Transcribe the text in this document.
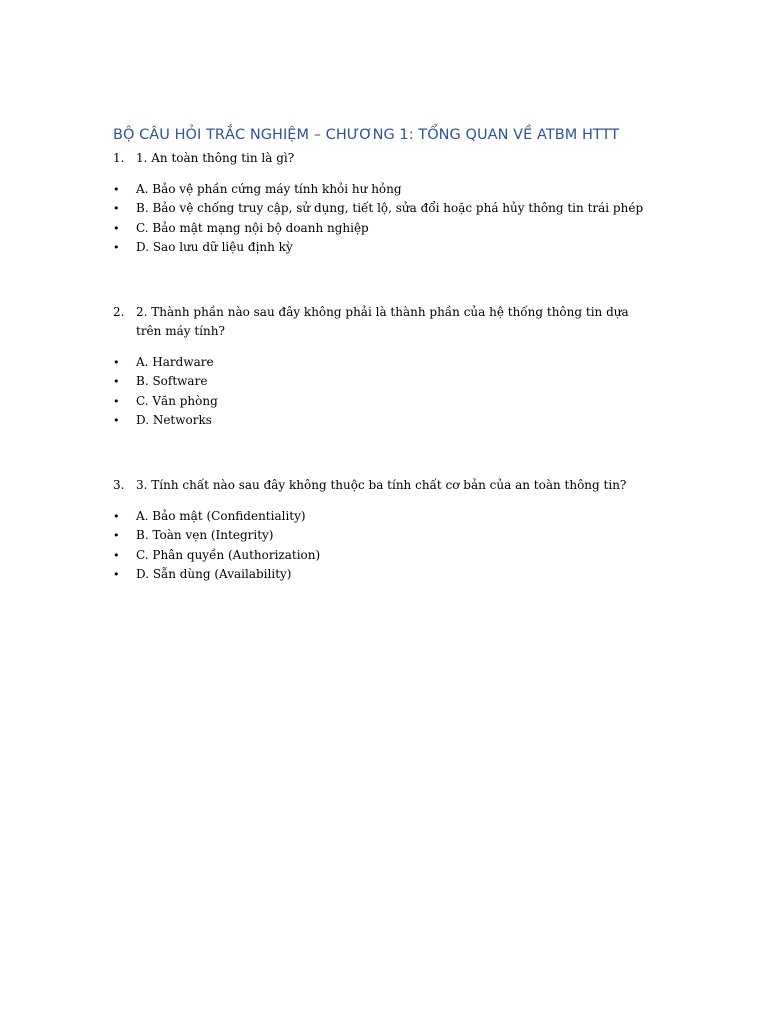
BỘ CÂU HỎI TRẮC NGHIỆM – CHƯƠNG 1: TỔNG QUAN VỀ ATBM HTTT

1. 1. An toàn thông tin là gì?

• A. Bảo vệ phần cứng máy tính khỏi hư hỏng
• B. Bảo vệ chống truy cập, sử dụng, tiết lộ, sửa đổi hoặc phá hủy thông tin trái phép
• C. Bảo mật mạng nội bộ doanh nghiệp
• D. Sao lưu dữ liệu định kỳ

2. 2. Thành phần nào sau đây không phải là thành phần của hệ thống thông tin dựa trên máy tính?

• A. Hardware
• B. Software
• C. Văn phòng
• D. Networks

3. 3. Tính chất nào sau đây không thuộc ba tính chất cơ bản của an toàn thông tin?

• A. Bảo mật (Confidentiality)
• B. Toàn vẹn (Integrity)
• C. Phân quyền (Authorization)
• D. Sẵn dùng (Availability)
